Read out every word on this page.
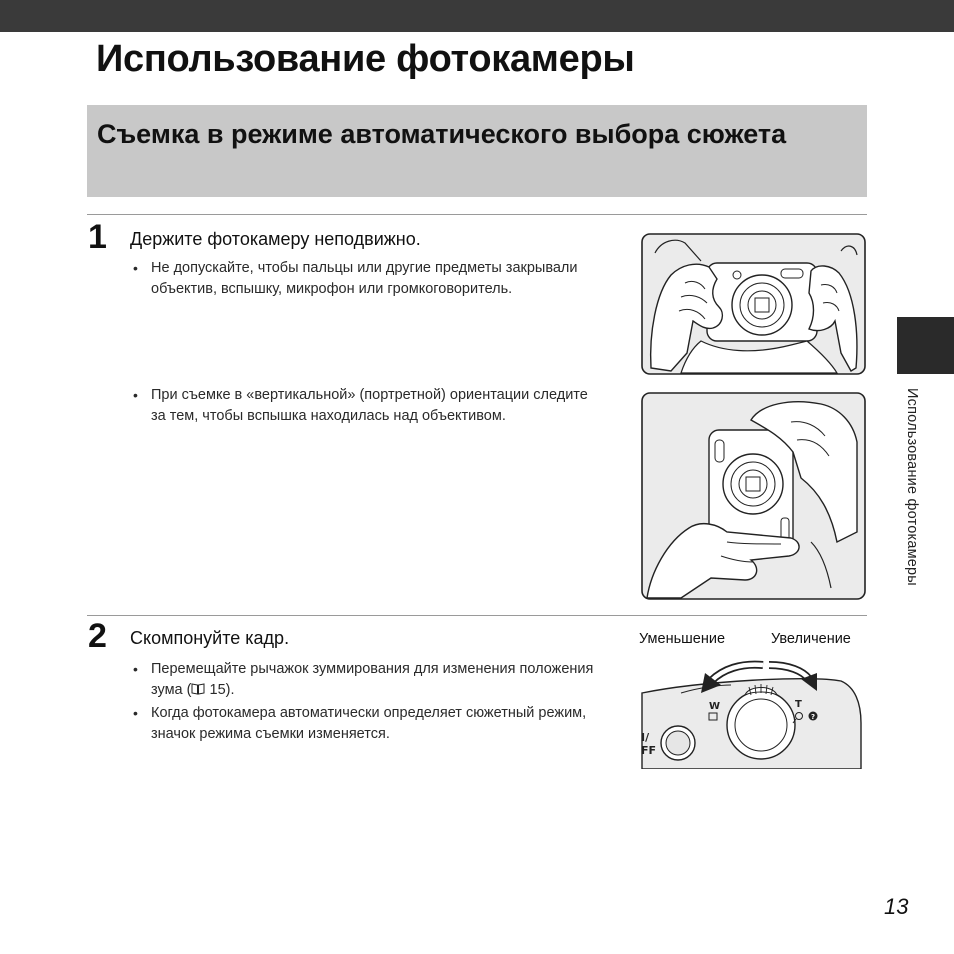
Использование фотокамеры
Съемка в режиме автоматического выбора сюжета
1 Держите фотокамеру неподвижно.
• Не допускайте, чтобы пальцы или другие предметы закрывали объектив, вспышку, микрофон или громкоговоритель.
• При съемке в «вертикальной» (портретной) ориентации следите за тем, чтобы вспышка находилась над объективом.
2 Скомпонуйте кадр.
• Перемещайте рычажок зуммирования для изменения положения зума ( 15).
• Когда фотокамера автоматически определяет сюжетный режим, значок режима съемки изменяется.
Уменьшение	Увеличение
I/
FF
W	T
?
Использование фотокамеры
13
